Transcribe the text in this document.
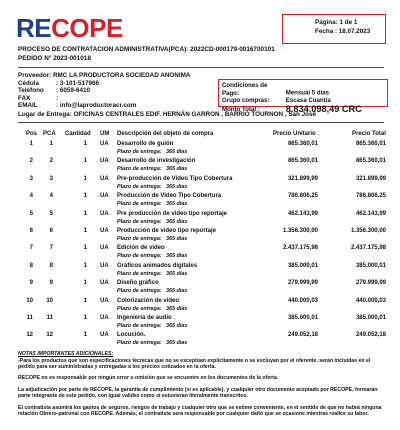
RECOPE	Página: 1 de 1
Fecha : 18.07.2023
PROCESO DE CONTRATACION ADMINISTRATIVA(PCA): 2022CD-000179-0016700101
PEDIDO N° 2023-001018
Proveedor: RMC LA PRODUCTORA SOCIEDAD ANONIMA
Cédula	: 3-101-517966
Teléfono : 6059-6410
FAX	:
EMAIL	: info@laproductoracr.com
Condiciones de Pago:	Mensual 5 días
Grupo compras:	Escasa Cuantía
Monto Total :	8.834.098,49 CRC
Lugar de Entrega: OFICINAS CENTRALES EDIF. HERNÁN GARRON , BARRIO TOURNON , San José
Pos PCA Cantidad UM Descripción del objeto de compra	Precio Unitario	Precio Total
1	1	1 UA Desarrollo de guión	865.360,01	865.360,01
Plazo de entrega: 365 días
2	2	1 UA Desarrollo de investigación	865.360,01	865.360,01
Plazo de entrega: 365 días
3	3	1 UA Pre-producción de Video Tipo Cobertura	321.899,99	321.899,99
Plazo de entrega: 365 días
4	4	1 UA Producción de Video Tipo Cobertura	786.806,25	786.806,25
Plazo de entrega: 365 días
5	5	1 UA Pre producción de video tipo reportaje	462.143,99	462.143,99
Plazo de entrega: 365 días
6	6	1 UA Producción de video tipo reportaje	1.356.300,00	1.356.300,00
Plazo de entrega: 365 días
7	7	1 UA Edición de video	2.437.175,98	2.437.175,98
Plazo de entrega: 365 días
8	8	1 UA Gráficos animados digitales	385.000,01	385.000,01
Plazo de entrega: 365 días
9	9	1 UA Diseño gráfico	279.999,99	279.999,99
Plazo de entrega: 365 días
10 10	1 UA Colorización de video	440.000,03	440.000,03
Plazo de entrega: 365 días
11 11	1 UA Ingeniería de audio	385.000,01	385.000,01
Plazo de entrega: 365 días
12 12	1 UA Locución.	249.052,18	249.052,18
Plazo de entrega: 365 días
NOTAS IMPORTANTES ADICIONALES:
-Para los productos que son especificaciones técnicas que no se exceptúan explícitamente o se excluyan por el oferente, serán incluidas en el pedido para ser suministradas y entregadas a los precios cotizados en la oferta.
RECOPE no es responsable por ningún error u omisión que se encuentre en los documentos de la oferta.
La adjudicación por parte de RECOPE, la garantía de cumplimiento (si es aplicable), y cualquier otro documento aceptado por RECOPE, formarán parte integrante de este pedido, con igual validez como si estuvieran literalmente transcritos.
El contratista asumirá los gastos de seguros, riesgos de trabajo y cualquier otro que se estime conveniente, en el sentido de que no habrá ninguna relación Obrero-patronal con RECOPE. Además, el contratista será responsable por cualquier daño que se ocasione mientras realice su labor.
